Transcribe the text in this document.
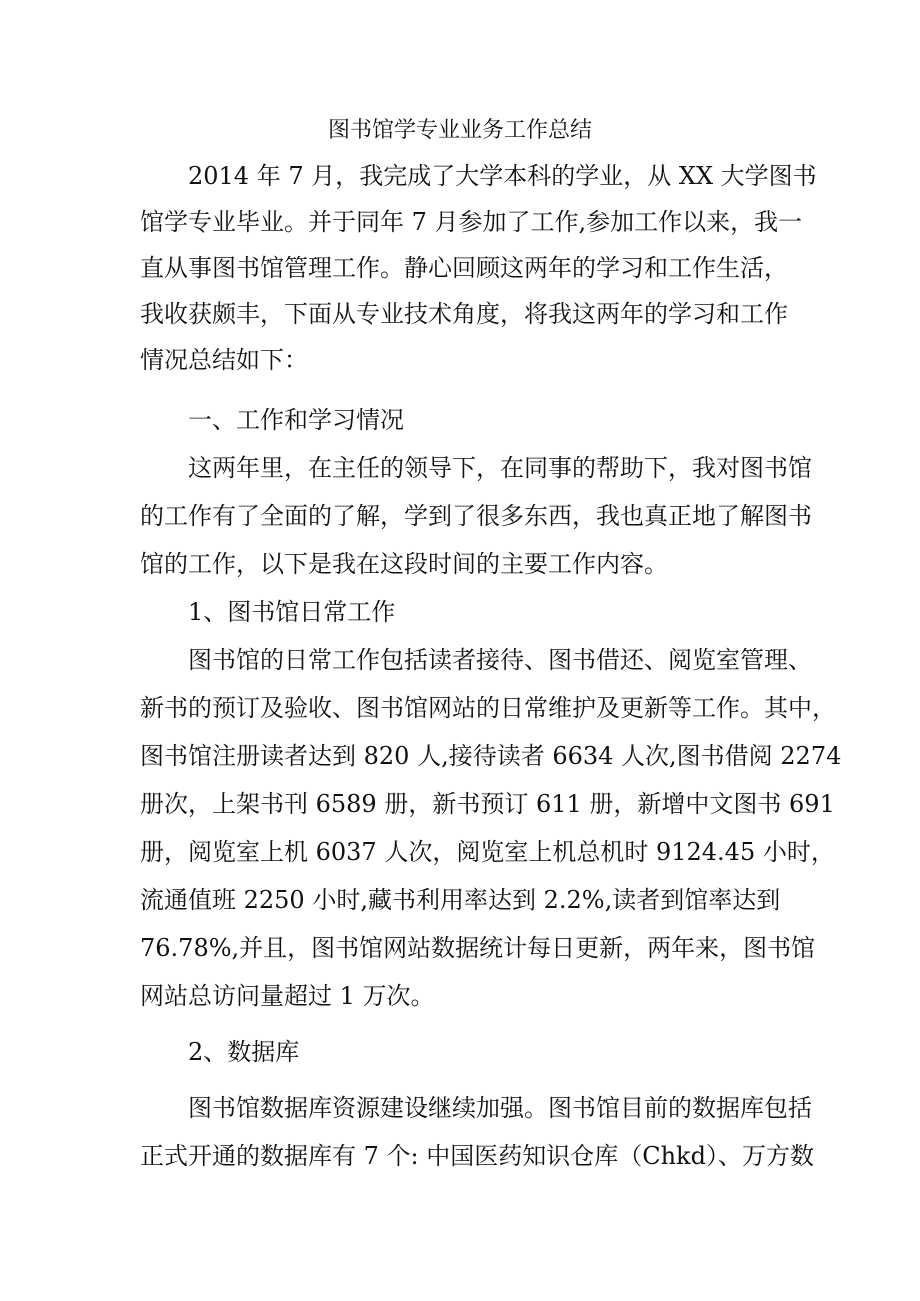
图书馆学专业业务工作总结
2014 年 7 月，我完成了大学本科的学业，从 XX 大学图书
馆学专业毕业。并于同年 7 月参加了工作,参加工作以来，我一
直从事图书馆管理工作。静心回顾这两年的学习和工作生活，
我收获颇丰，下面从专业技术角度，将我这两年的学习和工作
情况总结如下：
一、工作和学习情况
这两年里，在主任的领导下，在同事的帮助下，我对图书馆
的工作有了全面的了解，学到了很多东西，我也真正地了解图书
馆的工作，以下是我在这段时间的主要工作内容。
1、图书馆日常工作
图书馆的日常工作包括读者接待、图书借还、阅览室管理、
新书的预订及验收、图书馆网站的日常维护及更新等工作。其中，
图书馆注册读者达到 820 人,接待读者 6634 人次,图书借阅 2274
册次，上架书刊 6589 册，新书预订 611 册，新增中文图书 691
册，阅览室上机 6037 人次，阅览室上机总机时 9124.45 小时，
流通值班 2250 小时,藏书利用率达到 2.2%,读者到馆率达到
76.78%,并且，图书馆网站数据统计每日更新，两年来，图书馆
网站总访问量超过 1 万次。
2、数据库
图书馆数据库资源建设继续加强。图书馆目前的数据库包括
正式开通的数据库有 7 个: 中国医药知识仓库（Chkd）、万方数
